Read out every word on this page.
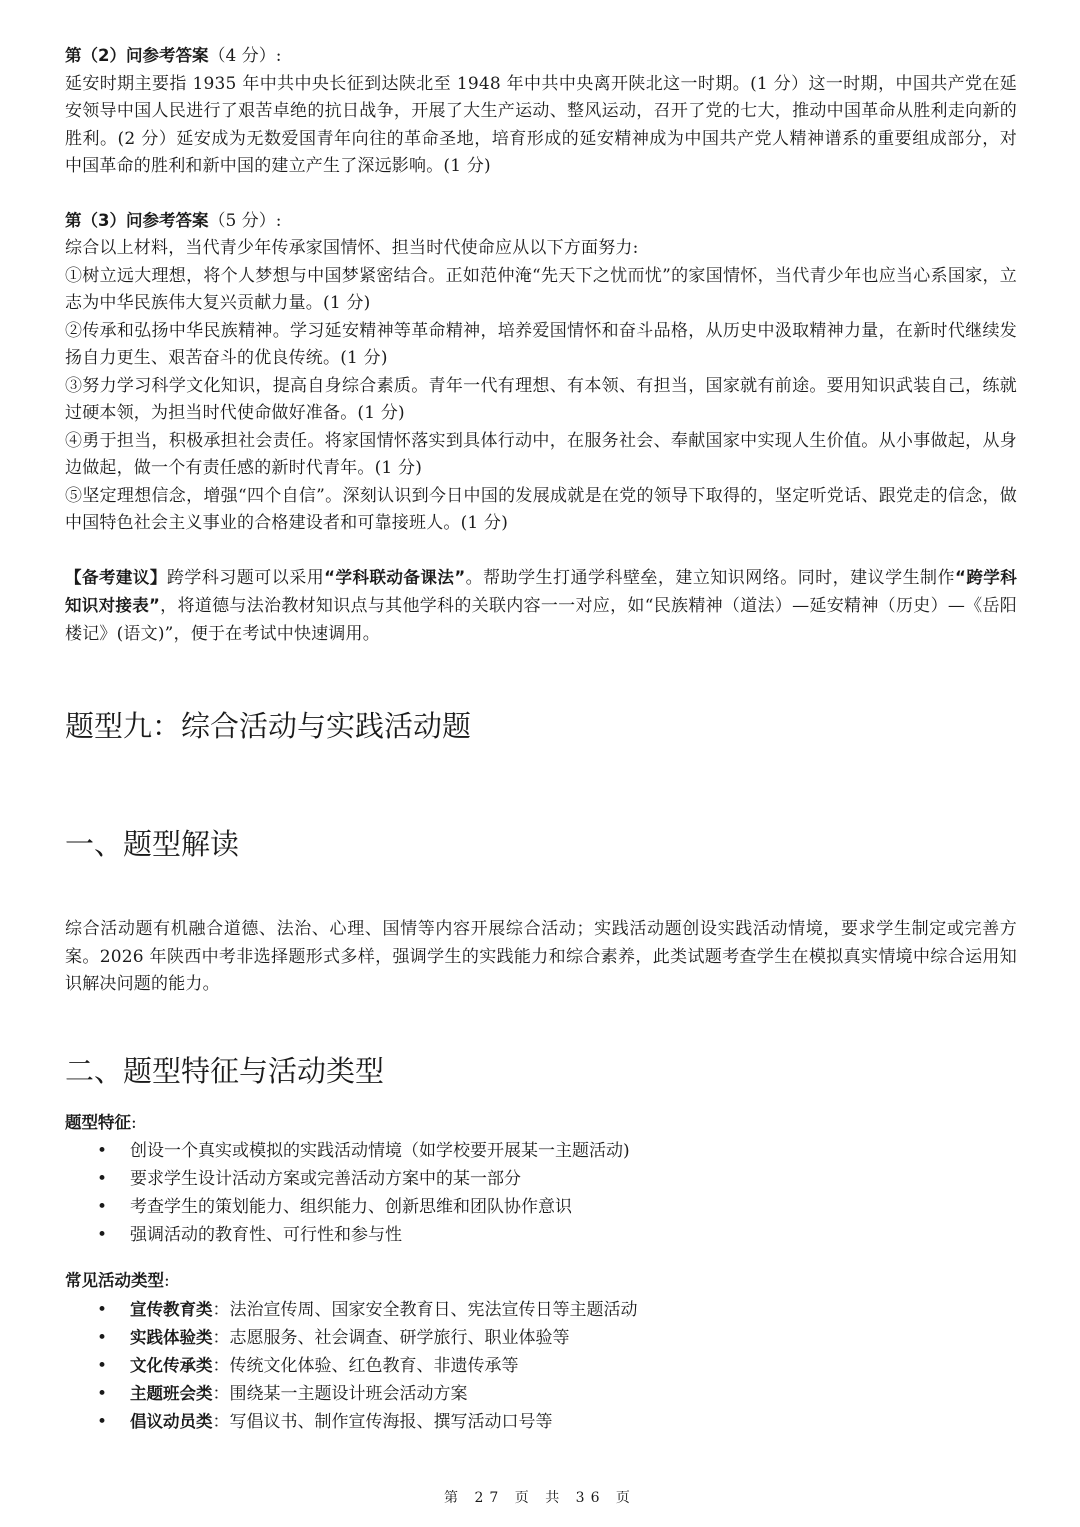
第（2）问参考答案（4 分）:

延安时期主要指 1935 年中共中央长征到达陕北至 1948 年中共中央离开陕北这一时期。(1 分）这一时期，中国共产党在延安领导中国人民进行了艰苦卓绝的抗日战争，开展了大生产运动、整风运动，召开了党的七大，推动中国革命从胜利走向新的胜利。(2 分）延安成为无数爱国青年向往的革命圣地，培育形成的延安精神成为中国共产党人精神谱系的重要组成部分，对中国革命的胜利和新中国的建立产生了深远影响。(1 分)

第（3）问参考答案（5 分）:

综合以上材料，当代青少年传承家国情怀、担当时代使命应从以下方面努力:

①树立远大理想，将个人梦想与中国梦紧密结合。正如范仲淹“先天下之忧而忧”的家国情怀，当代青少年也应当心系国家，立志为中华民族伟大复兴贡献力量。(1 分)

②传承和弘扬中华民族精神。学习延安精神等革命精神，培养爱国情怀和奋斗品格，从历史中汲取精神力量，在新时代继续发扬自力更生、艰苦奋斗的优良传统。(1 分)

③努力学习科学文化知识，提高自身综合素质。青年一代有理想、有本领、有担当，国家就有前途。要用知识武装自己，练就过硬本领，为担当时代使命做好准备。(1 分)

④勇于担当，积极承担社会责任。将家国情怀落实到具体行动中，在服务社会、奉献国家中实现人生价值。从小事做起，从身边做起，做一个有责任感的新时代青年。(1 分)

⑤坚定理想信念，增强“四个自信”。深刻认识到今日中国的发展成就是在党的领导下取得的，坚定听党话、跟党走的信念，做中国特色社会主义事业的合格建设者和可靠接班人。(1 分)

【备考建议】跨学科习题可以采用“学科联动备课法”。帮助学生打通学科壁垒，建立知识网络。同时，建议学生制作“跨学科知识对接表”，将道德与法治教材知识点与其他学科的关联内容一一对应，如“民族精神（道法）—延安精神（历史）—《岳阳楼记》(语文)”，便于在考试中快速调用。

题型九：综合活动与实践活动题
一、题型解读

综合活动题有机融合道德、法治、心理、国情等内容开展综合活动；实践活动题创设实践活动情境，要求学生制定或完善方案。2026 年陕西中考非选择题形式多样，强调学生的实践能力和综合素养，此类试题考查学生在模拟真实情境中综合运用知识解决问题的能力。

二、题型特征与活动类型

题型特征:

• 创设一个真实或模拟的实践活动情境（如学校要开展某一主题活动)
• 要求学生设计活动方案或完善活动方案中的某一部分
• 考查学生的策划能力、组织能力、创新思维和团队协作意识
• 强调活动的教育性、可行性和参与性

常见活动类型:

• 宣传教育类：法治宣传周、国家安全教育日、宪法宣传日等主题活动
• 实践体验类：志愿服务、社会调查、研学旅行、职业体验等
• 文化传承类：传统文化体验、红色教育、非遗传承等
• 主题班会类：围绕某一主题设计班会活动方案
• 倡议动员类：写倡议书、制作宣传海报、撰写活动口号等
第 27 页 共 36 页
